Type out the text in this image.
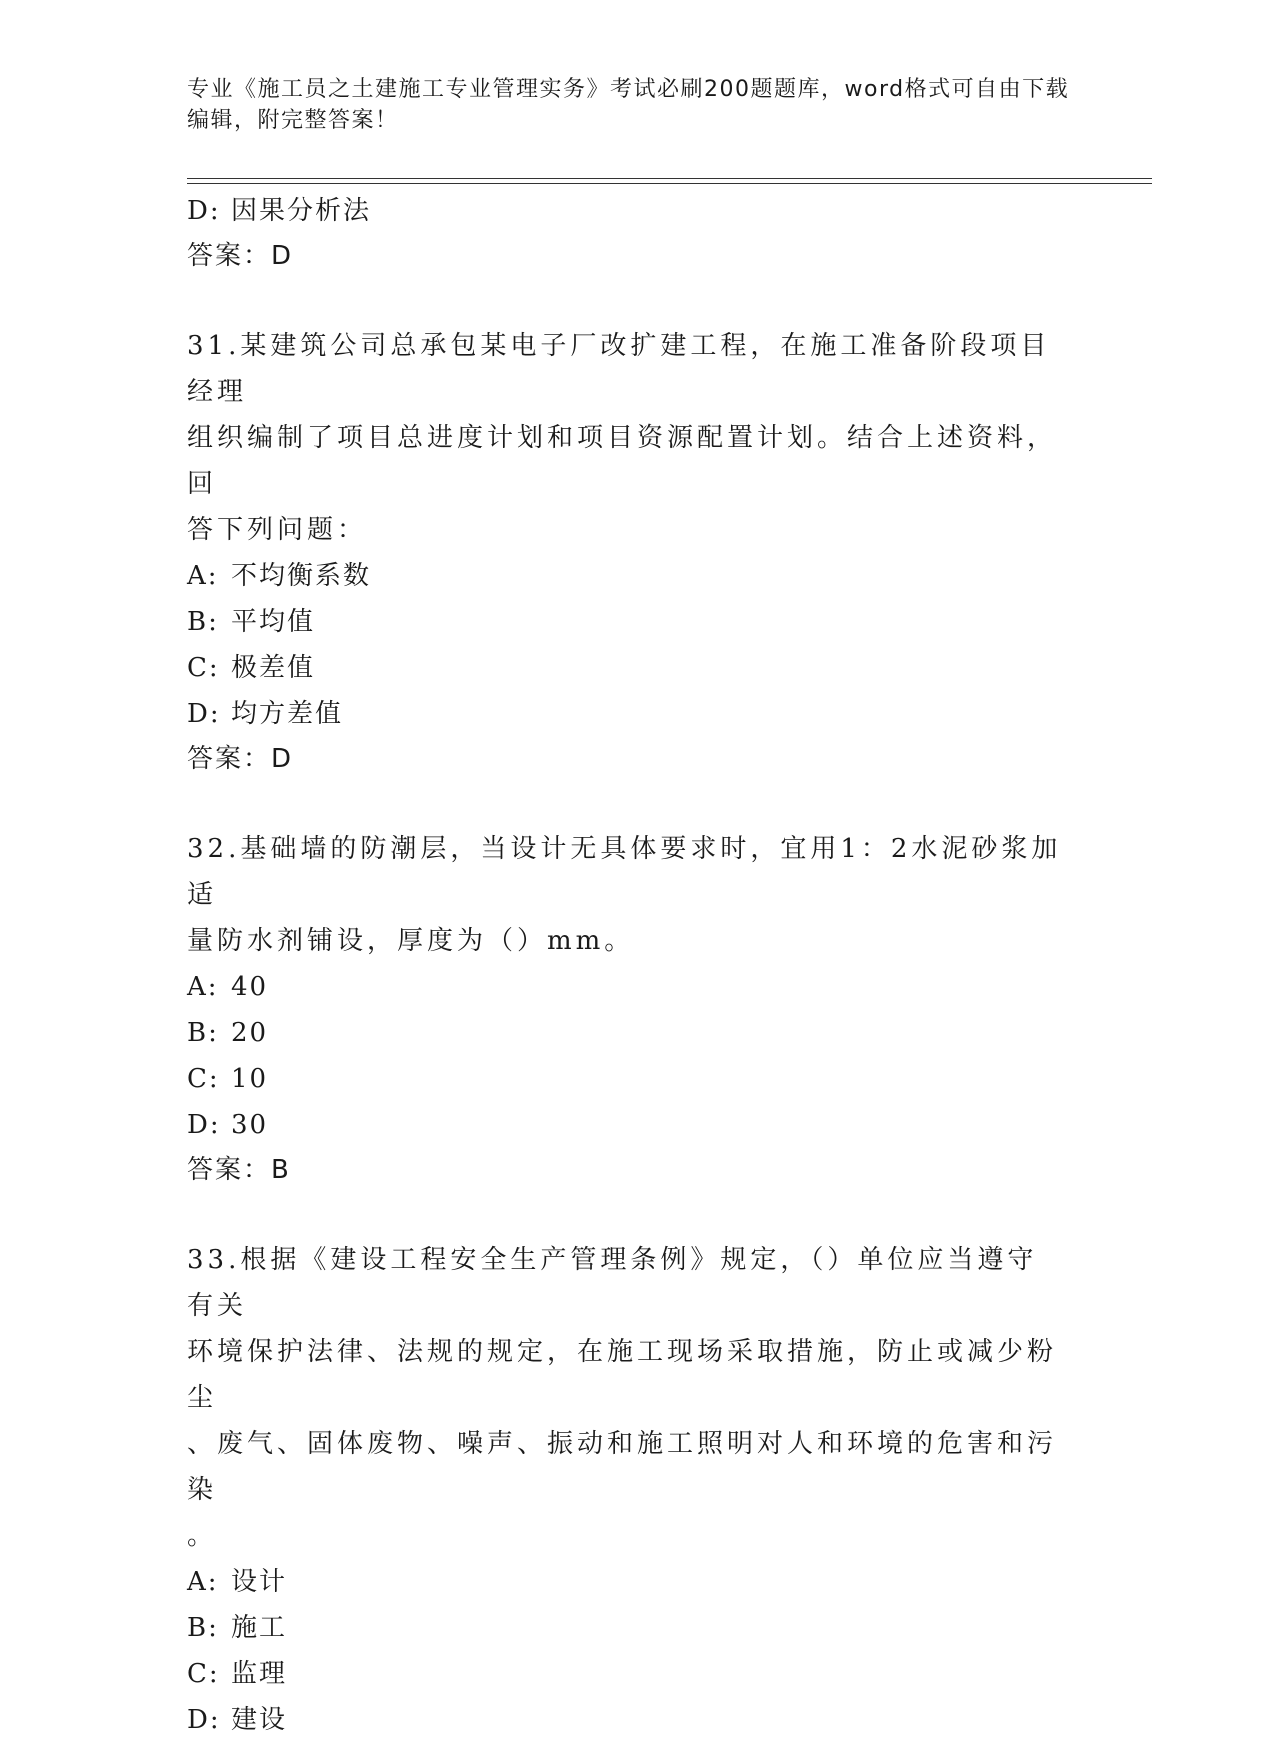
专业《施工员之土建施工专业管理实务》考试必刷200题题库，word格式可自由下载编辑，附完整答案！
D: 因果分析法
答案：D
31.某建筑公司总承包某电子厂改扩建工程，在施工准备阶段项目经理
组织编制了项目总进度计划和项目资源配置计划。结合上述资料，回
答下列问题：
A: 不均衡系数
B: 平均值
C: 极差值
D: 均方差值
答案：D
32.基础墙的防潮层，当设计无具体要求时，宜用1：2水泥砂浆加适
量防水剂铺设，厚度为（）mm。
A: 40
B: 20
C: 10
D: 30
答案：B
33.根据《建设工程安全生产管理条例》规定，（）单位应当遵守有关
环境保护法律、法规的规定，在施工现场采取措施，防止或减少粉尘
、废气、固体废物、噪声、振动和施工照明对人和环境的危害和污染
。
A: 设计
B: 施工
C: 监理
D: 建设
